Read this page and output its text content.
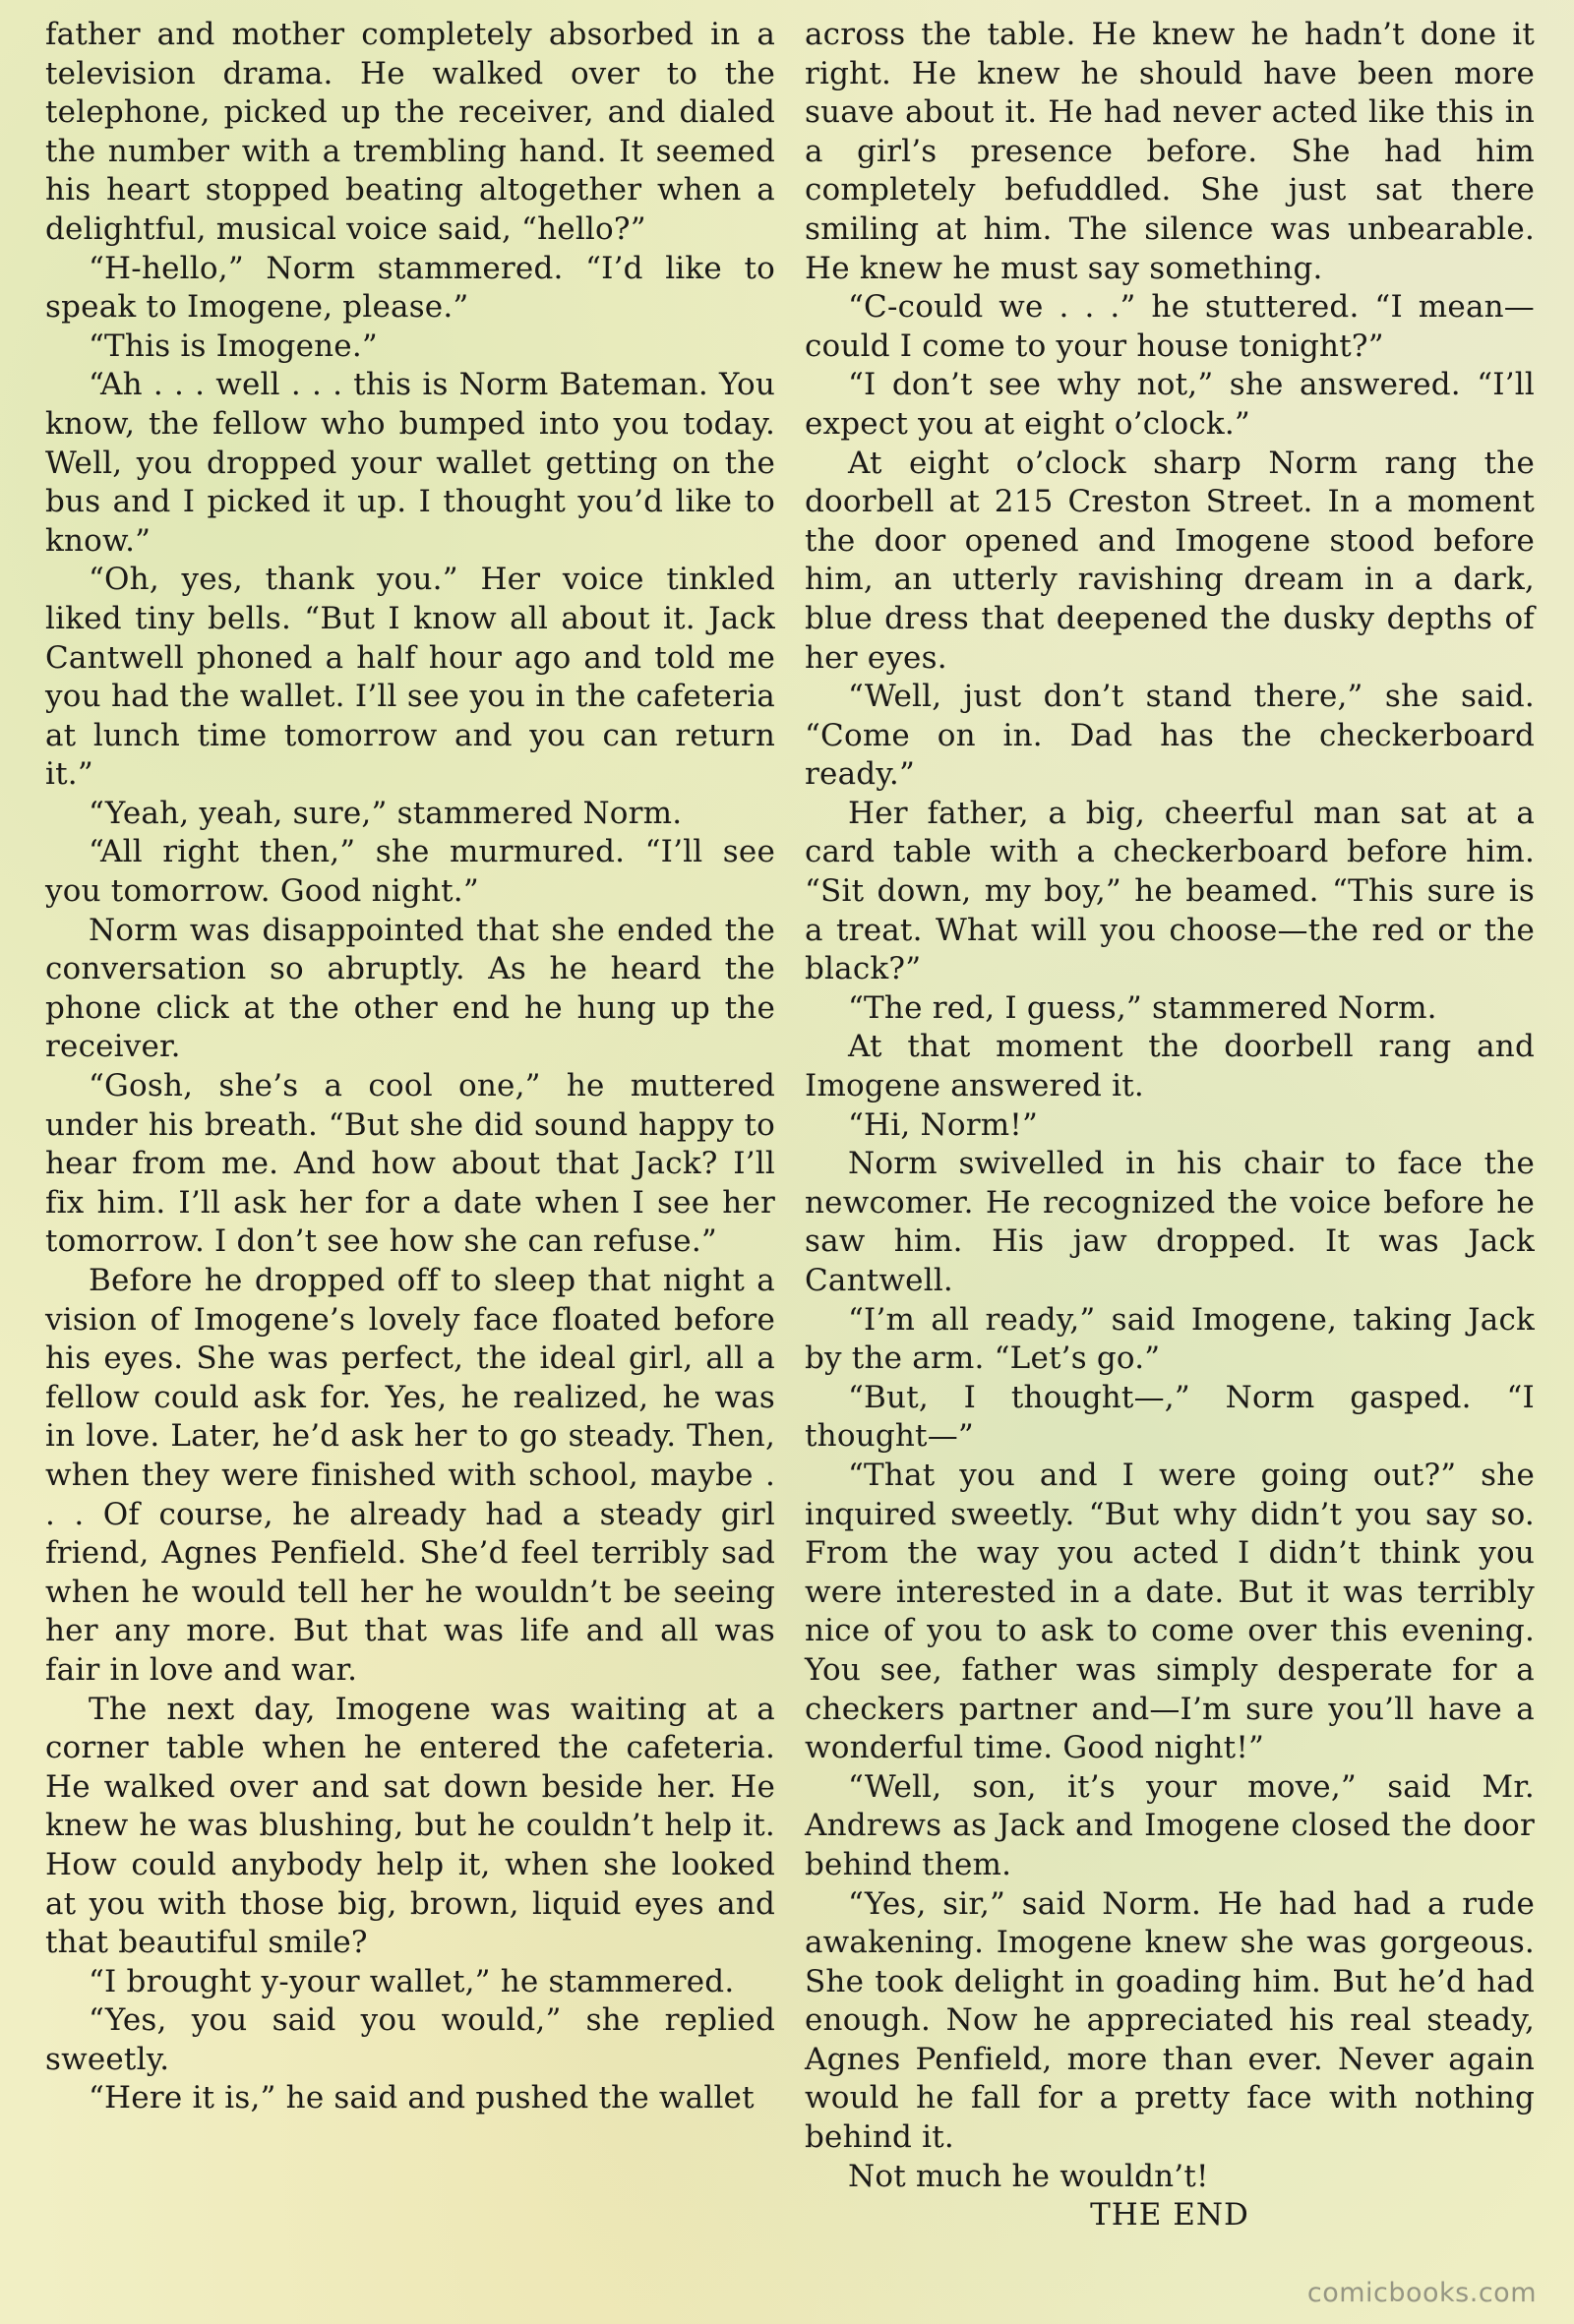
father and mother completely absorbed in a television drama. He walked over to the telephone, picked up the receiver, and dialed the number with a trembling hand. It seemed his heart stopped beating altogether when a delightful, musical voice said, “hello?”

“H-hello,” Norm stammered. “I’d like to speak to Imogene, please.”

“This is Imogene.”

“Ah . . . well . . . this is Norm Bateman. You know, the fellow who bumped into you today. Well, you dropped your wallet getting on the bus and I picked it up. I thought you’d like to know.”

“Oh, yes, thank you.” Her voice tinkled liked tiny bells. “But I know all about it. Jack Cantwell phoned a half hour ago and told me you had the wallet. I’ll see you in the cafeteria at lunch time tomorrow and you can return it.”

“Yeah, yeah, sure,” stammered Norm.

“All right then,” she murmured. “I’ll see you tomorrow. Good night.”

Norm was disappointed that she ended the conversation so abruptly. As he heard the phone click at the other end he hung up the receiver.

“Gosh, she’s a cool one,” he muttered under his breath. “But she did sound happy to hear from me. And how about that Jack? I’ll fix him. I’ll ask her for a date when I see her tomorrow. I don’t see how she can refuse.”

Before he dropped off to sleep that night a vision of Imogene’s lovely face floated before his eyes. She was perfect, the ideal girl, all a fellow could ask for. Yes, he realized, he was in love. Later, he’d ask her to go steady. Then, when they were finished with school, maybe . . . Of course, he already had a steady girl friend, Agnes Penfield. She’d feel terribly sad when he would tell her he wouldn’t be seeing her any more. But that was life and all was fair in love and war.

The next day, Imogene was waiting at a corner table when he entered the cafeteria. He walked over and sat down beside her. He knew he was blushing, but he couldn’t help it. How could anybody help it, when she looked at you with those big, brown, liquid eyes and that beautiful smile?

“I brought y-your wallet,” he stammered.

“Yes, you said you would,” she replied sweetly.

“Here it is,” he said and pushed the wallet

across the table. He knew he hadn’t done it right. He knew he should have been more suave about it. He had never acted like this in a girl’s presence before. She had him completely befuddled. She just sat there smiling at him. The silence was unbearable. He knew he must say something.

“C-could we . . .” he stuttered. “I mean—could I come to your house tonight?”

“I don’t see why not,” she answered. “I’ll expect you at eight o’clock.”

At eight o’clock sharp Norm rang the doorbell at 215 Creston Street. In a moment the door opened and Imogene stood before him, an utterly ravishing dream in a dark, blue dress that deepened the dusky depths of her eyes.

“Well, just don’t stand there,” she said. “Come on in. Dad has the checkerboard ready.”

Her father, a big, cheerful man sat at a card table with a checkerboard before him. “Sit down, my boy,” he beamed. “This sure is a treat. What will you choose—the red or the black?”

“The red, I guess,” stammered Norm.

At that moment the doorbell rang and Imogene answered it.

“Hi, Norm!”

Norm swivelled in his chair to face the newcomer. He recognized the voice before he saw him. His jaw dropped. It was Jack Cantwell.

“I’m all ready,” said Imogene, taking Jack by the arm. “Let’s go.”

“But, I thought—,” Norm gasped. “I thought—”

“That you and I were going out?” she inquired sweetly. “But why didn’t you say so. From the way you acted I didn’t think you were interested in a date. But it was terribly nice of you to ask to come over this evening. You see, father was simply desperate for a checkers partner and—I’m sure you’ll have a wonderful time. Good night!”

“Well, son, it’s your move,” said Mr. Andrews as Jack and Imogene closed the door behind them.

“Yes, sir,” said Norm. He had had a rude awakening. Imogene knew she was gorgeous. She took delight in goading him. But he’d had enough. Now he appreciated his real steady, Agnes Penfield, more than ever. Never again would he fall for a pretty face with nothing behind it.

Not much he wouldn’t!

THE END

comicbooks.com
